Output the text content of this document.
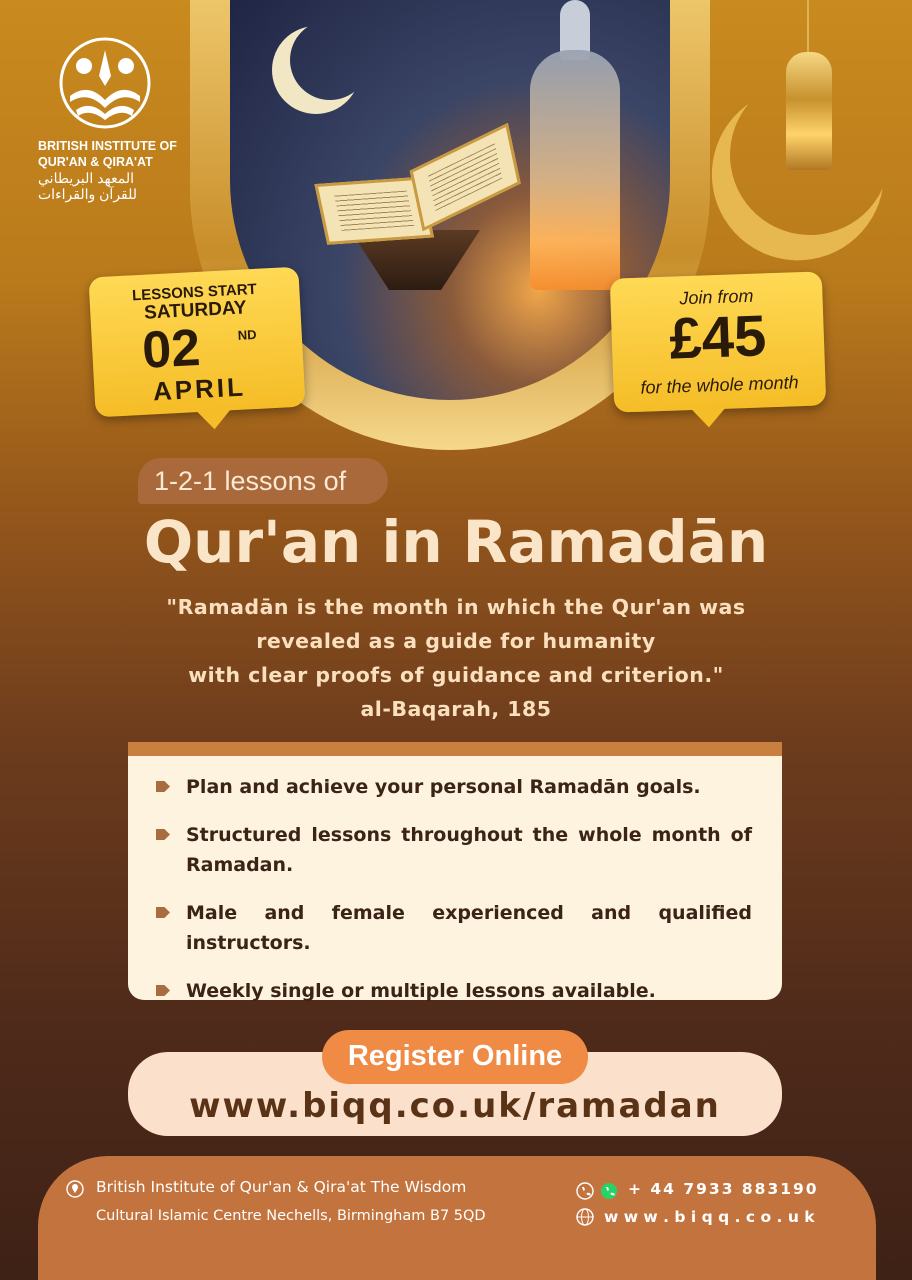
BRITISH INSTITUTE OF
QUR'AN & QIRA'AT
المعهد البريطاني
للقرآن والقراءات
LESSONS START
SATURDAY
02	ND
APRIL
Join from
£45
for the whole month
1-2-1 lessons of
Qur'an in Ramadān
"Ramadān is the month in which the Qur'an was
revealed as a guide for humanity
with clear proofs of guidance and criterion."
al-Baqarah, 185
Plan and achieve your personal Ramadān goals.
Structured lessons throughout the whole month of Ramadan.
Male and female experienced and qualified instructors.
Weekly single or multiple lessons available.
www.biqq.co.uk/ramadan
Register Online
British Institute of Qur'an & Qira'at The Wisdom
Cultural Islamic Centre Nechells, Birmingham B7 5QD
+ 44 7933 883190
w w w . b i q q . c o . u k
